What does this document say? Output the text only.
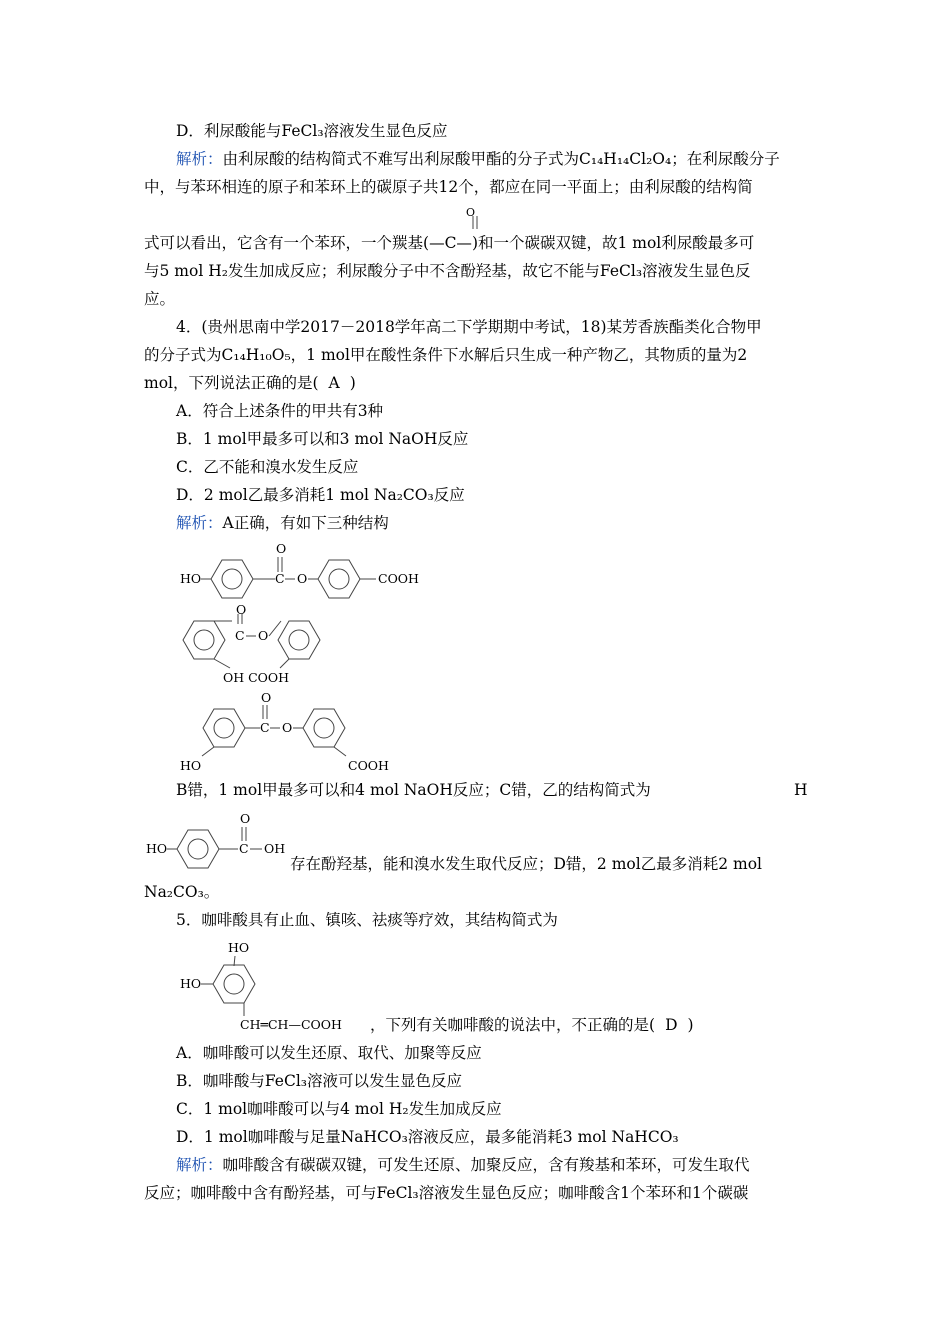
D．利尿酸能与FeCl₃溶液发生显色反应
解析：由利尿酸的结构简式不难写出利尿酸甲酯的分子式为C₁₄H₁₄Cl₂O₄；在利尿酸分子
中，与苯环相连的原子和苯环上的碳原子共12个，都应在同一平面上；由利尿酸的结构简
O
式可以看出，它含有一个苯环，一个羰基(—C—)和一个碳碳双键，故1 mol利尿酸最多可
与5 mol H₂发生加成反应；利尿酸分子中不含酚羟基，故它不能与FeCl₃溶液发生显色反
应。
4．(贵州思南中学2017－2018学年高二下学期期中考试，18)某芳香族酯类化合物甲
的分子式为C₁₄H₁₀O₅，1 mol甲在酸性条件下水解后只生成一种产物乙，其物质的量为2
mol，下列说法正确的是( A )
A．符合上述条件的甲共有3种
B．1 mol甲最多可以和3 mol NaOH反应
C．乙不能和溴水发生反应
D．2 mol乙最多消耗1 mol Na₂CO₃反应
解析：A正确，有如下三种结构
HO
O
C O	COOH
O
C O
OH COOH
O
C O
HO	COOH
B错，1 mol甲最多可以和4 mol NaOH反应；C错，乙的结构简式为	H
HO
O
C OH
存在酚羟基，能和溴水发生取代反应；D错，2 mol乙最多消耗2 mol
Na₂CO₃。
5．咖啡酸具有止血、镇咳、祛痰等疗效，其结构简式为
HO
HO
CH═CH—COOH ，下列有关咖啡酸的说法中，不正确的是( D )
A．咖啡酸可以发生还原、取代、加聚等反应
B．咖啡酸与FeCl₃溶液可以发生显色反应
C．1 mol咖啡酸可以与4 mol H₂发生加成反应
D．1 mol咖啡酸与足量NaHCO₃溶液反应，最多能消耗3 mol NaHCO₃
解析：咖啡酸含有碳碳双键，可发生还原、加聚反应，含有羧基和苯环，可发生取代
反应；咖啡酸中含有酚羟基，可与FeCl₃溶液发生显色反应；咖啡酸含1个苯环和1个碳碳
